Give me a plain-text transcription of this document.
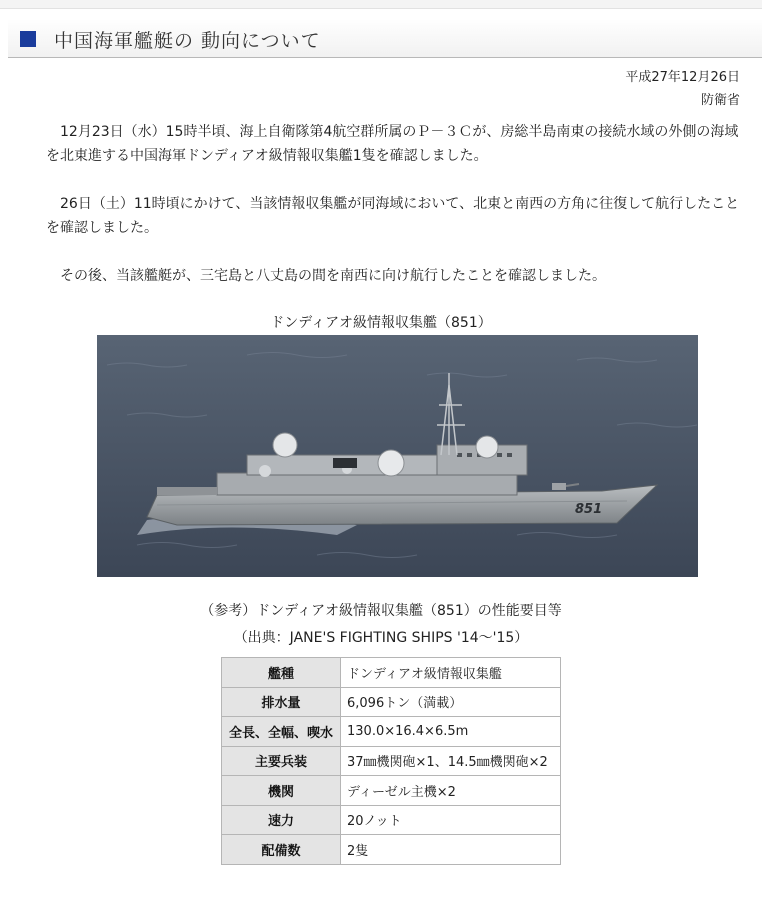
中国海軍艦艇の 動向について
平成27年12月26日
防衛省
12月23日（水）15時半頃、海上自衛隊第4航空群所属のＰ－３Ｃが、房総半島南東の接続水域の外側の海域を北東進する中国海軍ドンディアオ級情報収集艦1隻を確認しました。
26日（土）11時頃にかけて、当該情報収集艦が同海域において、北東と南西の方角に往復して航行したことを確認しました。
その後、当該艦艇が、三宅島と八丈島の間を南西に向け航行したことを確認しました。
ドンディアオ級情報収集艦（851）
851
（参考）ドンディアオ級情報収集艦（851）の性能要目等
（出典：JANE'S FIGHTING SHIPS '14～'15）
艦種	ドンディアオ級情報収集艦
排水量	6,096トン（満載）
全長、全幅、喫水	130.0×16.4×6.5m
主要兵装	37㎜機関砲×1、14.5㎜機関砲×2
機関	ディーゼル主機×2
速力	20ノット
配備数	2隻
